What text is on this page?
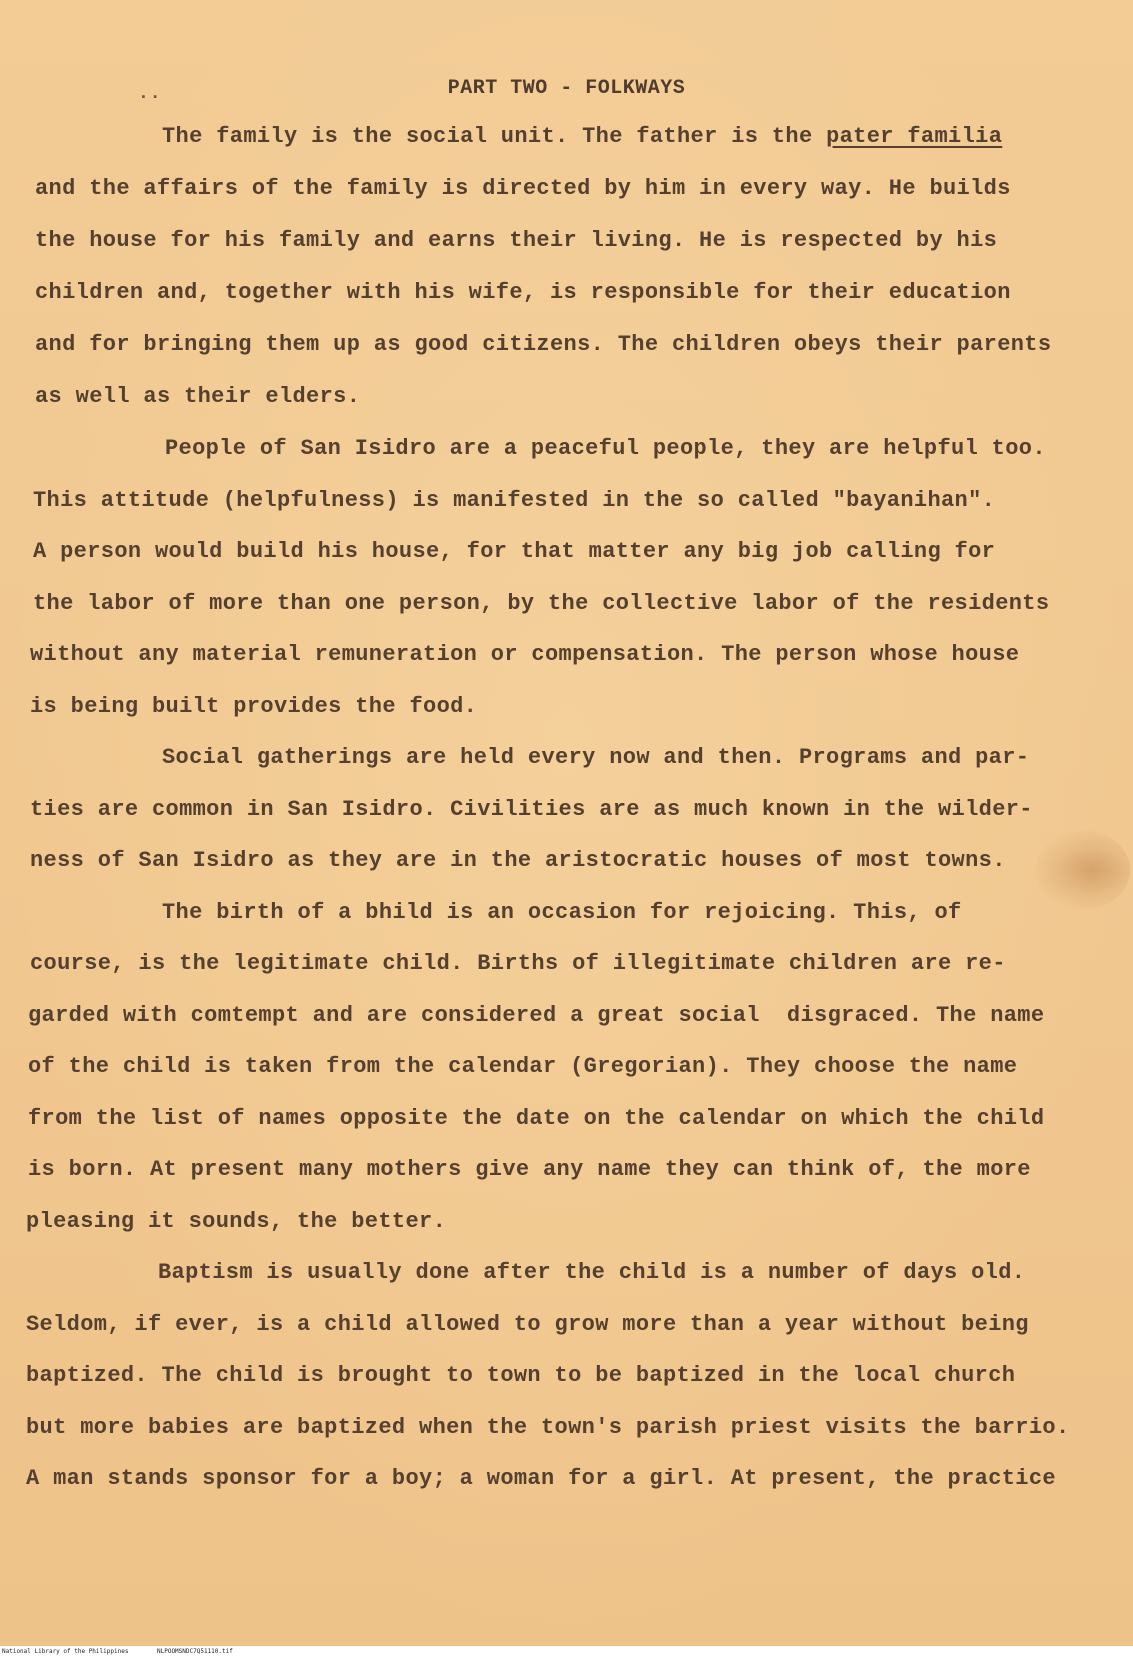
..	PART TWO - FOLKWAYS
The family is the social unit. The father is the pater familia
and the affairs of the family is directed by him in every way. He builds
the house for his family and earns their living. He is respected by his
children and, together with his wife, is responsible for their education
and for bringing them up as good citizens. The children obeys their parents
as well as their elders.
People of San Isidro are a peaceful people, they are helpful too.
This attitude (helpfulness) is manifested in the so called "bayanihan".
A person would build his house, for that matter any big job calling for
the labor of more than one person, by the collective labor of the residents
without any material remuneration or compensation. The person whose house
is being built provides the food.
Social gatherings are held every now and then. Programs and par-
ties are common in San Isidro. Civilities are as much known in the wilder-
ness of San Isidro as they are in the aristocratic houses of most towns.
The birth of a bhild is an occasion for rejoicing. This, of
course, is the legitimate child. Births of illegitimate children are re-
garded with comtempt and are considered a great social  disgraced. The name
of the child is taken from the calendar (Gregorian). They choose the name
from the list of names opposite the date on the calendar on which the child
is born. At present many mothers give any name they can think of, the more
pleasing it sounds, the better.
Baptism is usually done after the child is a number of days old.
Seldom, if ever, is a child allowed to grow more than a year without being
baptized. The child is brought to town to be baptized in the local church
but more babies are baptized when the town's parish priest visits the barrio.
A man stands sponsor for a boy; a woman for a girl. At present, the practice
National Library of the Philippines	NLPOOMSNDC7Q51110.tif
